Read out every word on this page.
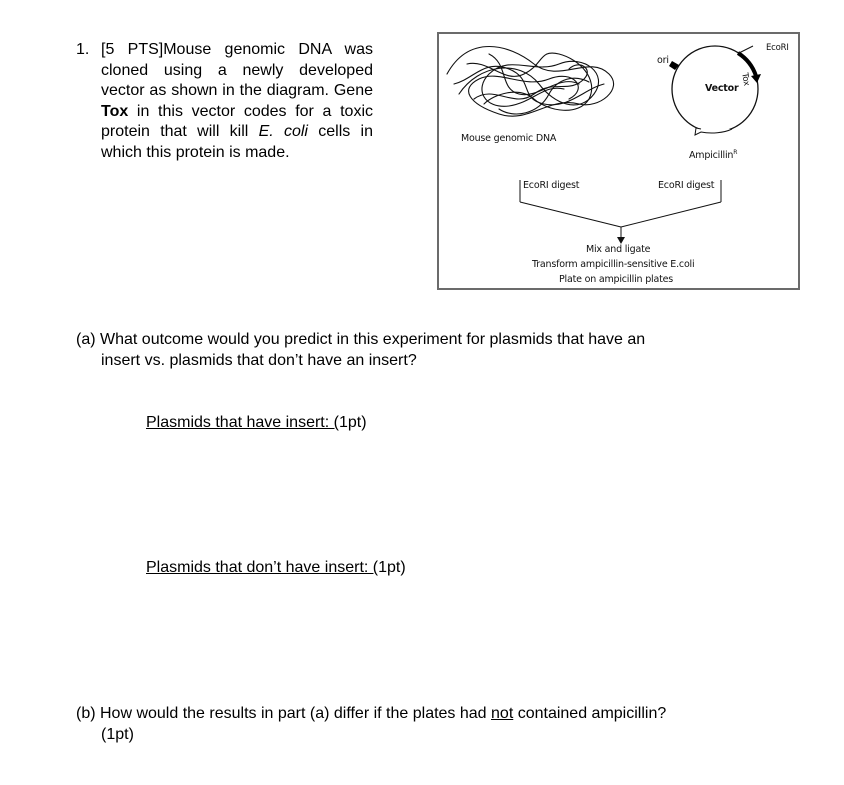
1. [5 PTS]Mouse genomic DNA was cloned using a newly developed vector as shown in the diagram. Gene Tox in this vector codes for a toxic protein that will kill E. coli cells in which this protein is made.
Mouse genomic DNA
ori
Vector
EcoRI
Tox
Ampicillin$^R$
EcoRI digest	EcoRI digest
Mix and ligate
Transform ampicillin-sensitive E.coli
Plate on ampicillin plates
(a) What outcome would you predict in this experiment for plasmids that have an
insert vs. plasmids that don’t have an insert?
Plasmids that have insert: (1pt)
Plasmids that don’t have insert: (1pt)
(b) How would the results in part (a) differ if the plates had not contained ampicillin?
(1pt)
